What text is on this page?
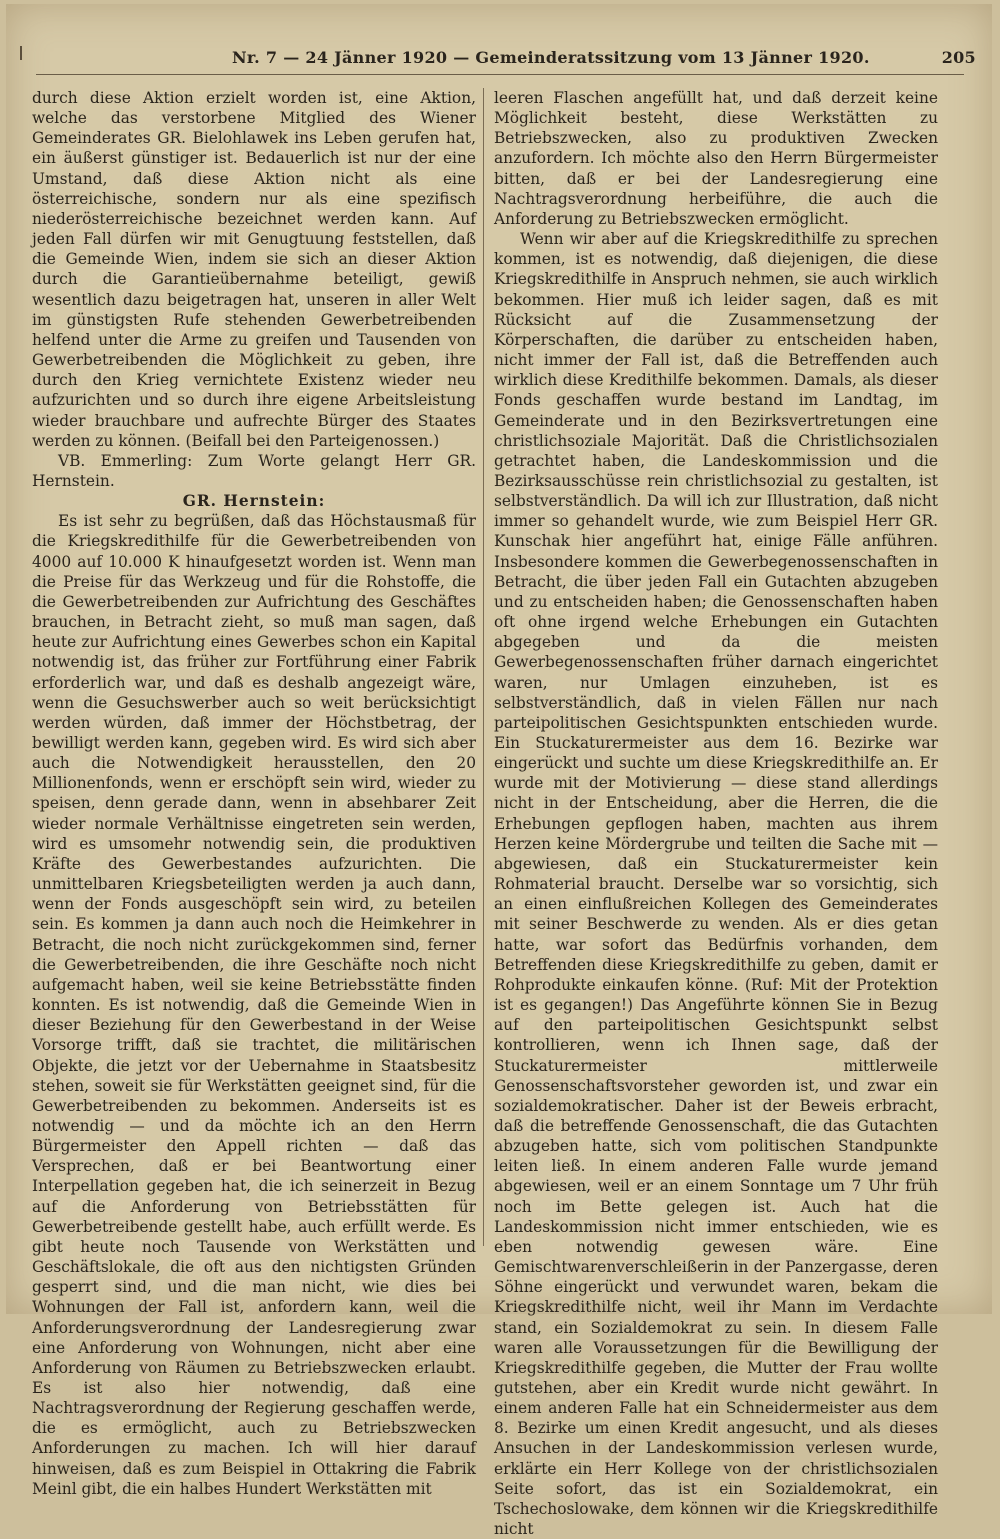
Nr. 7 — 24 Jänner 1920 — Gemeinderatssitzung vom 13 Jänner 1920.	205

durch diese Aktion erzielt worden ist, eine Aktion, welche das verstorbene Mitglied des Wiener Gemeinderates GR. Bielohlawek ins Leben gerufen hat, ein äußerst günstiger ist. Bedauerlich ist nur der eine Umstand, daß diese Aktion nicht als eine österreichische, sondern nur als eine spezifisch niederösterreichische bezeichnet werden kann. Auf jeden Fall dürfen wir mit Genugtuung feststellen, daß die Gemeinde Wien, indem sie sich an dieser Aktion durch die Garantieübernahme beteiligt, gewiß wesentlich dazu beigetragen hat, unseren in aller Welt im günstigsten Rufe stehenden Gewerbetreibenden helfend unter die Arme zu greifen und Tausenden von Gewerbetreibenden die Möglichkeit zu geben, ihre durch den Krieg vernichtete Existenz wieder neu aufzurichten und so durch ihre eigene Arbeitsleistung wieder brauchbare und aufrechte Bürger des Staates werden zu können. (Beifall bei den Parteigenossen.)

VB. Emmerling: Zum Worte gelangt Herr GR. Hernstein.

GR. Hernstein:

Es ist sehr zu begrüßen, daß das Höchstausmaß für die Kriegskredithilfe für die Gewerbetreibenden von 4000 auf 10.000 K hinaufgesetzt worden ist. Wenn man die Preise für das Werkzeug und für die Rohstoffe, die die Gewerbetreibenden zur Aufrichtung des Geschäftes brauchen, in Betracht zieht, so muß man sagen, daß heute zur Aufrichtung eines Gewerbes schon ein Kapital notwendig ist, das früher zur Fortführung einer Fabrik erforderlich war, und daß es deshalb angezeigt wäre, wenn die Gesuchswerber auch so weit berücksichtigt werden würden, daß immer der Höchstbetrag, der bewilligt werden kann, gegeben wird. Es wird sich aber auch die Notwendigkeit herausstellen, den 20 Millionenfonds, wenn er erschöpft sein wird, wieder zu speisen, denn gerade dann, wenn in absehbarer Zeit wieder normale Verhältnisse eingetreten sein werden, wird es umsomehr notwendig sein, die produktiven Kräfte des Gewerbestandes aufzurichten. Die unmittelbaren Kriegsbeteiligten werden ja auch dann, wenn der Fonds ausgeschöpft sein wird, zu beteilen sein. Es kommen ja dann auch noch die Heimkehrer in Betracht, die noch nicht zurückgekommen sind, ferner die Gewerbetreibenden, die ihre Geschäfte noch nicht aufgemacht haben, weil sie keine Betriebsstätte finden konnten. Es ist notwendig, daß die Gemeinde Wien in dieser Beziehung für den Gewerbestand in der Weise Vorsorge trifft, daß sie trachtet, die militärischen Objekte, die jetzt vor der Uebernahme in Staatsbesitz stehen, soweit sie für Werkstätten geeignet sind, für die Gewerbetreibenden zu bekommen. Anderseits ist es notwendig — und da möchte ich an den Herrn Bürgermeister den Appell richten — daß das Versprechen, daß er bei Beantwortung einer Interpellation gegeben hat, die ich seinerzeit in Bezug auf die Anforderung von Betriebsstätten für Gewerbetreibende gestellt habe, auch erfüllt werde. Es gibt heute noch Tausende von Werkstätten und Geschäftslokale, die oft aus den nichtigsten Gründen gesperrt sind, und die man nicht, wie dies bei Wohnungen der Fall ist, anfordern kann, weil die Anforderungsverordnung der Landesregierung zwar eine Anforderung von Wohnungen, nicht aber eine Anforderung von Räumen zu Betriebszwecken erlaubt. Es ist also hier notwendig, daß eine Nachtragsverordnung der Regierung geschaffen werde, die es ermöglicht, auch zu Betriebszwecken Anforderungen zu machen. Ich will hier darauf hinweisen, daß es zum Beispiel in Ottakring die Fabrik Meinl gibt, die ein halbes Hundert Werkstätten mit

leeren Flaschen angefüllt hat, und daß derzeit keine Möglichkeit besteht, diese Werkstätten zu Betriebszwecken, also zu produktiven Zwecken anzufordern. Ich möchte also den Herrn Bürgermeister bitten, daß er bei der Landesregierung eine Nachtragsverordnung herbeiführe, die auch die Anforderung zu Betriebszwecken ermöglicht.

Wenn wir aber auf die Kriegskredithilfe zu sprechen kommen, ist es notwendig, daß diejenigen, die diese Kriegskredithilfe in Anspruch nehmen, sie auch wirklich bekommen. Hier muß ich leider sagen, daß es mit Rücksicht auf die Zusammensetzung der Körperschaften, die darüber zu entscheiden haben, nicht immer der Fall ist, daß die Betreffenden auch wirklich diese Kredithilfe bekommen. Damals, als dieser Fonds geschaffen wurde bestand im Landtag, im Gemeinderate und in den Bezirksvertretungen eine christlichsoziale Majorität. Daß die Christlichsozialen getrachtet haben, die Landeskommission und die Bezirksausschüsse rein christlichsozial zu gestalten, ist selbstverständlich. Da will ich zur Illustration, daß nicht immer so gehandelt wurde, wie zum Beispiel Herr GR. Kunschak hier angeführt hat, einige Fälle anführen. Insbesondere kommen die Gewerbegenossenschaften in Betracht, die über jeden Fall ein Gutachten abzugeben und zu entscheiden haben; die Genossenschaften haben oft ohne irgend welche Erhebungen ein Gutachten abgegeben und da die meisten Gewerbegenossenschaften früher darnach eingerichtet waren, nur Umlagen einzuheben, ist es selbstverständlich, daß in vielen Fällen nur nach parteipolitischen Gesichtspunkten entschieden wurde. Ein Stuckaturermeister aus dem 16. Bezirke war eingerückt und suchte um diese Kriegskredithilfe an. Er wurde mit der Motivierung — diese stand allerdings nicht in der Entscheidung, aber die Herren, die die Erhebungen gepflogen haben, machten aus ihrem Herzen keine Mördergrube und teilten die Sache mit — abgewiesen, daß ein Stuckaturermeister kein Rohmaterial braucht. Derselbe war so vorsichtig, sich an einen einflußreichen Kollegen des Gemeinderates mit seiner Beschwerde zu wenden. Als er dies getan hatte, war sofort das Bedürfnis vorhanden, dem Betreffenden diese Kriegskredithilfe zu geben, damit er Rohprodukte einkaufen könne. (Ruf: Mit der Protektion ist es gegangen!) Das Angeführte können Sie in Bezug auf den parteipolitischen Gesichtspunkt selbst kontrollieren, wenn ich Ihnen sage, daß der Stuckaturermeister mittlerweile Genossenschaftsvorsteher geworden ist, und zwar ein sozialdemokratischer. Daher ist der Beweis erbracht, daß die betreffende Genossenschaft, die das Gutachten abzugeben hatte, sich vom politischen Standpunkte leiten ließ. In einem anderen Falle wurde jemand abgewiesen, weil er an einem Sonntage um 7 Uhr früh noch im Bette gelegen ist. Auch hat die Landeskommission nicht immer entschieden, wie es eben notwendig gewesen wäre. Eine Gemischtwarenverschleißerin in der Panzergasse, deren Söhne eingerückt und verwundet waren, bekam die Kriegskredithilfe nicht, weil ihr Mann im Verdachte stand, ein Sozialdemokrat zu sein. In diesem Falle waren alle Voraussetzungen für die Bewilligung der Kriegskredithilfe gegeben, die Mutter der Frau wollte gutstehen, aber ein Kredit wurde nicht gewährt. In einem anderen Falle hat ein Schneidermeister aus dem 8. Bezirke um einen Kredit angesucht, und als dieses Ansuchen in der Landeskommission verlesen wurde, erklärte ein Herr Kollege von der christlichsozialen Seite sofort, das ist ein Sozialdemokrat, ein Tschechoslowake, dem können wir die Kriegskredithilfe nicht
